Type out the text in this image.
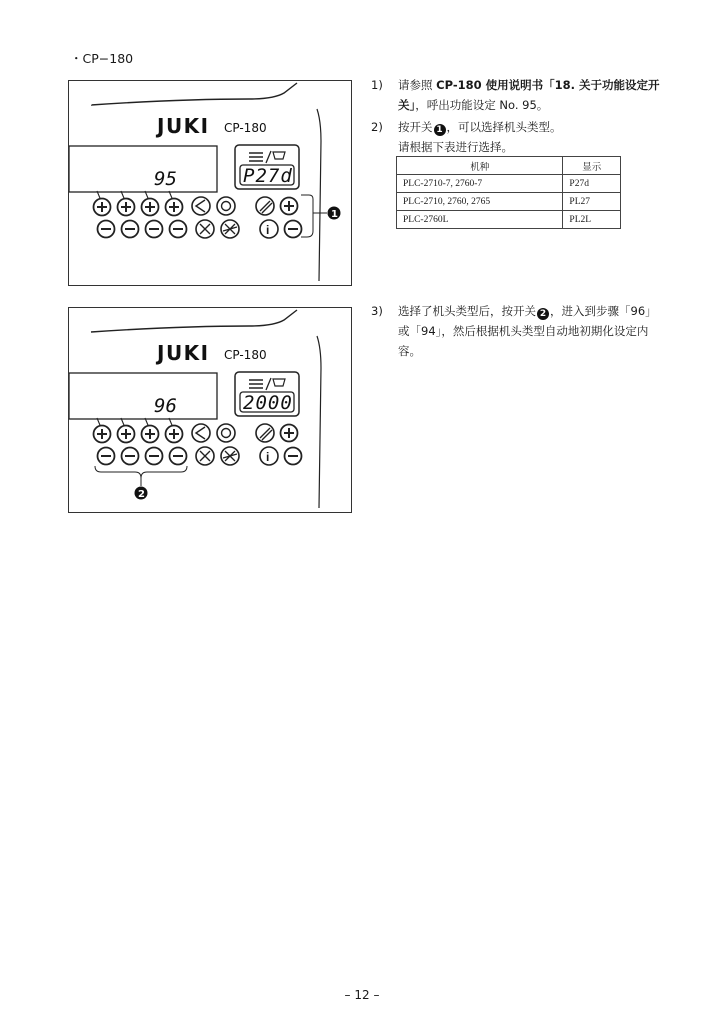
・CP−180
JUKI CP-180
95	P27d
i
1
JUKI CP-180
96	2000
i
2
1)	请参照 CP-180 使用说明书「18. 关于功能设定开关」，呼出功能设定 No. 95。
2)	按开关 1 ，可以选择机头类型。
请根据下表进行选择。
机种	显示
PLC-2710-7, 2760-7	P27d
PLC-2710, 2760, 2765	PL27
PLC-2760L	PL2L
3)	选择了机头类型后，按开关 2 ，进入到步骤「96」或「94」，然后根据机头类型自动地初期化设定内容。
– 12 –
